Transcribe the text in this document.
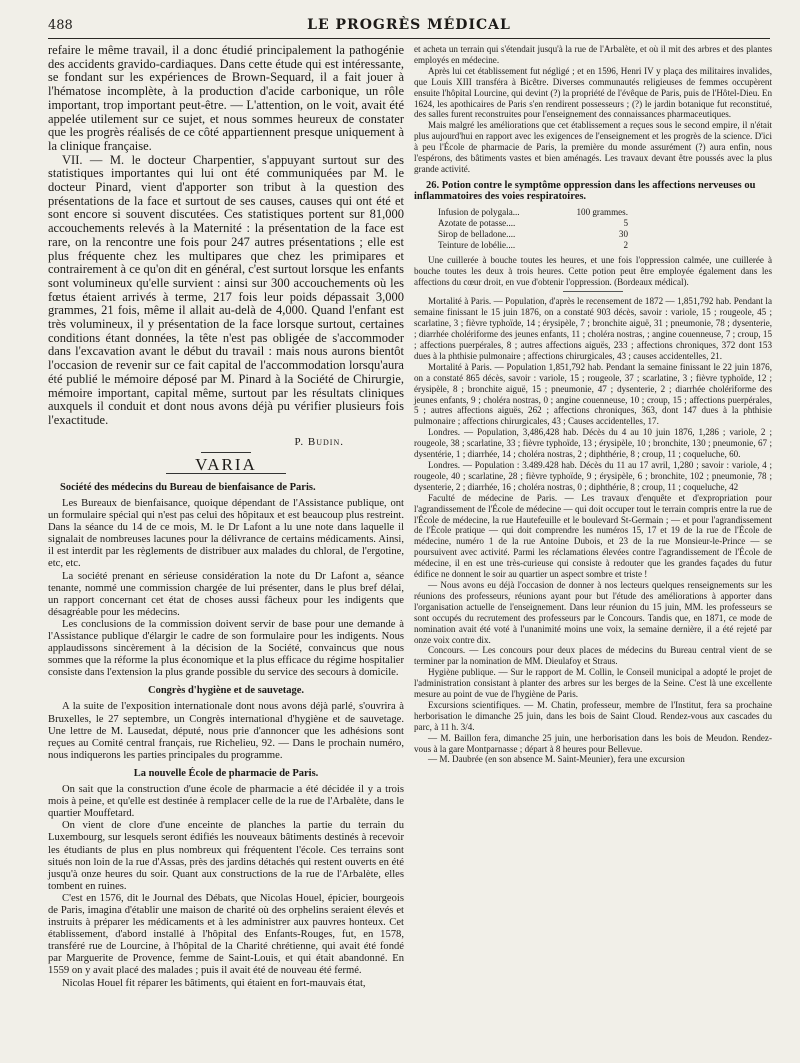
488	LE PROGRÈS MÉDICAL

refaire le même travail, il a donc étudié principalement la pathogénie des accidents gravido-cardiaques. Dans cette étude qui est intéressante, se fondant sur les expériences de Brown-Sequard, il a fait jouer à l'hématose incomplète, à la production d'acide carbonique, un rôle important, trop important peut-être. — L'attention, on le voit, avait été appelée utilement sur ce sujet, et nous sommes heureux de constater que les progrès réalisés de ce côté appartiennent presque uniquement à la clinique française.

VII. — M. le docteur Charpentier, s'appuyant surtout sur des statistiques importantes qui lui ont été communiquées par M. le docteur Pinard, vient d'apporter son tribut à la question des présentations de la face et surtout de ses causes, causes qui ont été et sont encore si souvent discutées. Ces statistiques portent sur 81,000 accouchements relevés à la Maternité : la présentation de la face est rare, on la rencontre une fois pour 247 autres présentations ; elle est plus fréquente chez les multipares que chez les primipares et contrairement à ce qu'on dit en général, c'est surtout lorsque les enfants sont volumineux qu'elle survient : ainsi sur 300 accouchements où les fœtus étaient arrivés à terme, 217 fois leur poids dépassait 3,000 grammes, 21 fois, même il allait au-delà de 4,000. Quand l'enfant est très volumineux, il y présentation de la face lorsque surtout, certaines conditions étant données, la tête n'est pas obligée de s'accommoder dans l'excavation avant le début du travail : mais nous aurons bientôt l'occasion de revenir sur ce fait capital de l'accommodation lorsqu'aura été publié le mémoire déposé par M. Pinard à la Société de Chirurgie, mémoire important, capital même, surtout par les résultats cliniques auxquels il conduit et dont nous avons déjà pu vérifier plusieurs fois l'exactitude.

P. Budin.
VARIA
Société des médecins du Bureau de bienfaisance de Paris.

Les Bureaux de bienfaisance, quoique dépendant de l'Assistance publique, ont un formulaire spécial qui n'est pas celui des hôpitaux et est beaucoup plus restreint. Dans la séance du 14 de ce mois, M. le Dr Lafont a lu une note dans laquelle il signalait de nombreuses lacunes pour la délivrance de certains médicaments. Ainsi, il est interdit par les règlements de distribuer aux malades du chloral, de l'ergotine, etc, etc.

La société prenant en sérieuse considération la note du Dr Lafont a, séance tenante, nommé une commission chargée de lui présenter, dans le plus bref délai, un rapport concernant cet état de choses aussi fâcheux pour les indigents que désagréable pour les médecins.

Les conclusions de la commission doivent servir de base pour une demande à l'Assistance publique d'élargir le cadre de son formulaire pour les indigents. Nous applaudissons sincèrement à la décision de la Société, convaincus que nous sommes que la réforme la plus économique et la plus efficace du régime hospitalier consiste dans l'extension la plus grande possible du service des secours à domicile.

Congrès d'hygiène et de sauvetage.

A la suite de l'exposition internationale dont nous avons déjà parlé, s'ouvrira à Bruxelles, le 27 septembre, un Congrès international d'hygiène et de sauvetage. Une lettre de M. Lausedat, député, nous prie d'annoncer que les adhésions sont reçues au Comité central français, rue Richelieu, 92. — Dans le prochain numéro, nous indiquerons les parties principales du programme.

La nouvelle École de pharmacie de Paris.

On sait que la construction d'une école de pharmacie a été décidée il y a trois mois à peine, et qu'elle est destinée à remplacer celle de la rue de l'Arbalète, dans le quartier Mouffetard.

On vient de clore d'une enceinte de planches la partie du terrain du Luxembourg, sur lesquels seront édifiés les nouveaux bâtiments destinés à recevoir les étudiants de plus en plus nombreux qui fréquentent l'école. Ces terrains sont situés non loin de la rue d'Assas, près des jardins détachés qui restent ouverts en été jusqu'à onze heures du soir. Quant aux constructions de la rue de l'Arbalète, elles tombent en ruines.

C'est en 1576, dit le Journal des Débats, que Nicolas Houel, épicier, bourgeois de Paris, imagina d'établir une maison de charité où des orphelins seraient élevés et instruits à préparer les médicaments et à les administrer aux pauvres honteux. Cet établissement, d'abord installé à l'hôpital des Enfants-Rouges, fut, en 1578, transféré rue de Lourcine, à l'hôpital de la Charité chrétienne, qui avait été fondé par Marguerite de Provence, femme de Saint-Louis, et qui était abandonné. En 1559 on y avait placé des malades ; puis il avait été de nouveau été fermé.

Nicolas Houel fit réparer les bâtiments, qui étaient en fort-mauvais état,

et acheta un terrain qui s'étendait jusqu'à la rue de l'Arbalète, et où il mit des arbres et des plantes employés en médecine.

Après lui cet établissement fut négligé ; et en 1596, Henri IV y plaça des militaires invalides, que Louis XIII transféra à Bicêtre. Diverses communautés religieuses de femmes occupèrent ensuite l'hôpital Lourcine, qui devint (?) la propriété de l'évêque de Paris, puis de l'Hôtel-Dieu. En 1624, les apothicaires de Paris s'en rendirent possesseurs ; (?) le jardin botanique fut reconstitué, des salles furent reconstruites pour l'enseignement des connaissances pharmaceutiques.

Mais malgré les améliorations que cet établissement a reçues sous le second empire, il n'était plus aujourd'hui en rapport avec les exigences de l'enseignement et les progrès de la science. D'ici à peu l'École de pharmacie de Paris, la première du monde assurément (?) aura enfin, nous l'espérons, des bâtiments vastes et bien aménagés. Les travaux devant être poussés avec la plus grande activité.

26. Potion contre le symptôme oppression dans les affections nerveuses ou inflammatoires des voies respiratoires.
Infusion de polygala...	100 grammes.
Azotate de potasse....	5
Sirop de belladone....	30
Teinture de lobélie....	2

Une cuillerée à bouche toutes les heures, et une fois l'oppression calmée, une cuillerée à bouche toutes les deux à trois heures. Cette potion peut être employée également dans les affections du cœur droit, en vue d'obtenir l'oppression. (Bordeaux médical).

Mortalité à Paris. — Population, d'après le recensement de 1872 — 1,851,792 hab. Pendant la semaine finissant le 15 juin 1876, on a constaté 903 décès, savoir : variole, 15 ; rougeole, 45 ; scarlatine, 3 ; fièvre typhoïde, 14 ; érysipèle, 7 ; bronchite aiguë, 31 ; pneumonie, 78 ; dysenterie, ; diarrhée cholériforme des jeunes enfants, 11 ; choléra nostras, ; angine couenneuse, 7 ; croup, 15 ; affections puerpérales, 8 ; autres affections aiguës, 233 ; affections chroniques, 372 dont 153 dues à la phthisie pulmonaire ; affections chirurgicales, 43 ; causes accidentelles, 21.

Mortalité à Paris. — Population 1,851,792 hab. Pendant la semaine finissant le 22 juin 1876, on a constaté 865 décès, savoir : variole, 15 ; rougeole, 37 ; scarlatine, 3 ; fièvre typhoïde, 12 ; érysipèle, 8 ; bronchite aiguë, 15 ; pneumonie, 47 ; dysenterie, 2 ; diarrhée cholériforme des jeunes enfants, 9 ; choléra nostras, 0 ; angine couenneuse, 10 ; croup, 15 ; affections puerpérales, 5 ; autres affections aiguës, 262 ; affections chroniques, 363, dont 147 dues à la phthisie pulmonaire ; affections chirurgicales, 43 ; Causes accidentelles, 17.

Londres. — Population, 3,486,428 hab. Décès du 4 au 10 juin 1876, 1,286 ; variole, 2 ; rougeole, 38 ; scarlatine, 33 ; fièvre typhoïde, 13 ; érysipèle, 10 ; bronchite, 130 ; pneumonie, 67 ; dysentérie, 1 ; diarrhée, 14 ; choléra nostras, 2 ; diphthérie, 8 ; croup, 11 ; coqueluche, 60.

Londres. — Population : 3.489.428 hab. Décès du 11 au 17 avril, 1,280 ; savoir : variole, 4 ; rougeole, 40 ; scarlatine, 28 ; fièvre typhoïde, 9 ; érysipèle, 6 ; bronchite, 102 ; pneumonie, 78 ; dysenterie, 2 ; diarrhée, 16 ; choléra nostras, 0 ; diphthérie, 8 ; croup, 11 ; coqueluche, 42

Faculté de médecine de Paris. — Les travaux d'enquête et d'expropriation pour l'agrandissement de l'École de médecine — qui doit occuper tout le terrain compris entre la rue de l'École de médecine, la rue Hautefeuille et le boulevard St-Germain ; — et pour l'agrandissement de l'École pratique — qui doit comprendre les numéros 15, 17 et 19 de la rue de l'École de médecine, numéro 1 de la rue Antoine Dubois, et 23 de la rue Monsieur-le-Prince — se poursuivent avec activité. Parmi les réclamations élevées contre l'agrandissement de l'École de médecine, il en est une très-curieuse qui consiste à redouter que les grandes façades du futur édifice ne donnent le soir au quartier un aspect sombre et triste !

— Nous avons eu déjà l'occasion de donner à nos lecteurs quelques renseignements sur les réunions des professeurs, réunions ayant pour but l'étude des améliorations à apporter dans l'organisation actuelle de l'enseignement. Dans leur réunion du 15 juin, MM. les professeurs se sont occupés du recrutement des professeurs par le Concours. Tandis que, en 1871, ce mode de nomination avait été voté à l'unanimité moins une voix, la semaine dernière, il a été rejeté par onze voix contre dix.

Concours. — Les concours pour deux places de médecins du Bureau central vient de se terminer par la nomination de MM. Dieulafoy et Straus.

Hygiène publique. — Sur le rapport de M. Collin, le Conseil municipal a adopté le projet de l'administration consistant à planter des arbres sur les berges de la Seine. C'est là une excellente mesure au point de vue de l'hygiène de Paris.

Excursions scientifiques. — M. Chatin, professeur, membre de l'Institut, fera sa prochaine herborisation le dimanche 25 juin, dans les bois de Saint Cloud. Rendez-vous aux cascades du parc, à 11 h. 3/4.

— M. Baillon fera, dimanche 25 juin, une herborisation dans les bois de Meudon. Rendez-vous à la gare Montparnasse ; départ à 8 heures pour Bellevue.

— M. Daubrée (en son absence M. Saint-Meunier), fera une excursion
